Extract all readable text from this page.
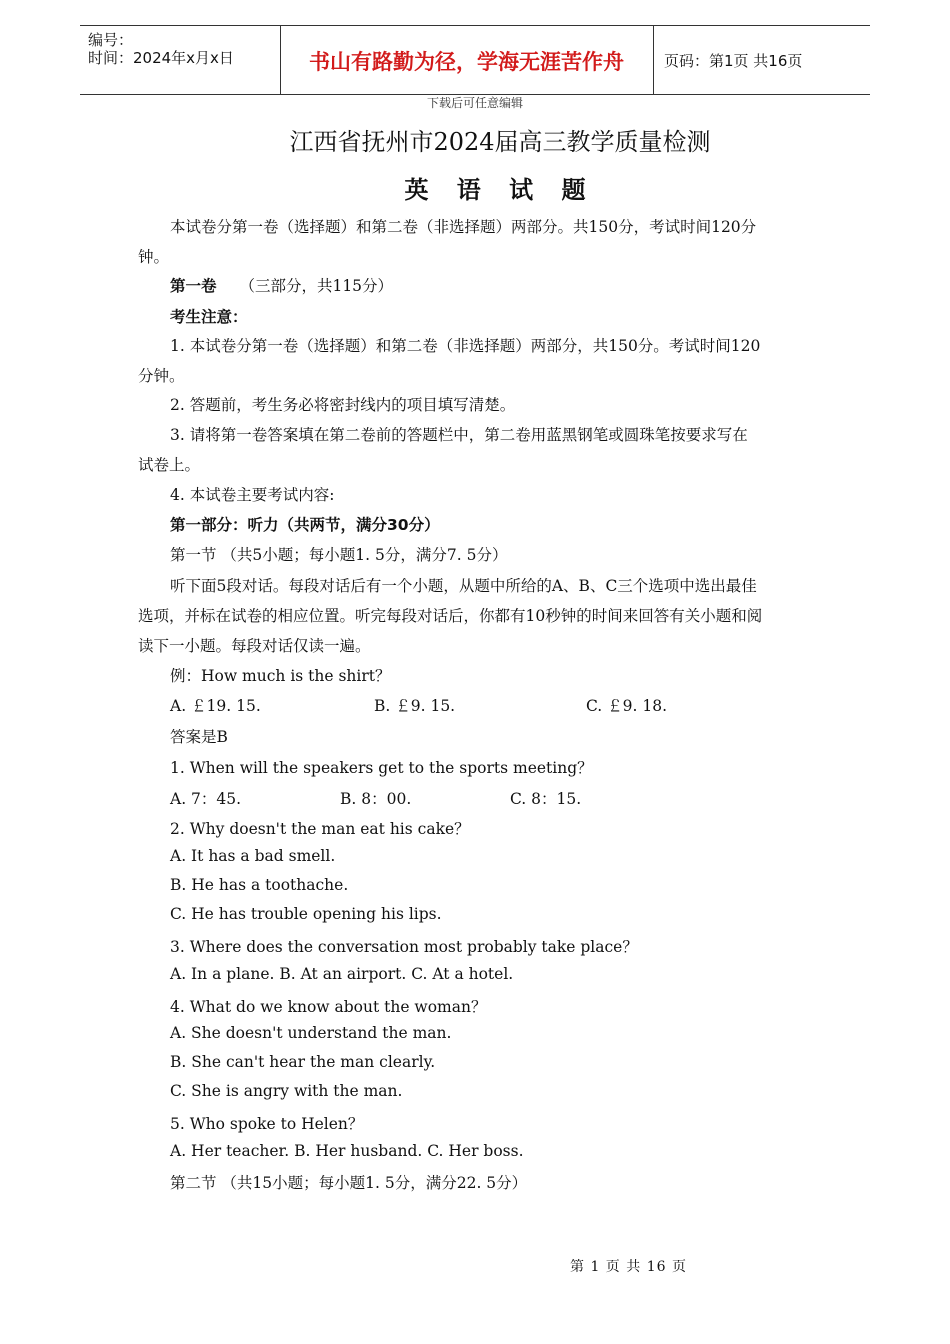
编号：
时间：2024年x月x日	书山有路勤为径，学海无涯苦作舟	页码：第1页 共16页
下载后可任意编辑
江西省抚州市2024届高三教学质量检测
英 语 试 题
本试卷分第一卷（选择题）和第二卷（非选择题）两部分。共150分，考试时间120分
钟。
第一卷 （三部分，共115分）
考生注意：
1. 本试卷分第一卷（选择题）和第二卷（非选择题）两部分，共150分。考试时间120
分钟。
2. 答题前，考生务必将密封线内的项目填写清楚。
3. 请将第一卷答案填在第二卷前的答题栏中，第二卷用蓝黑钢笔或圆珠笔按要求写在
试卷上。
4. 本试卷主要考试内容:
第一部分：听力（共两节，满分30分）
第一节 （共5小题；每小题1. 5分，满分7. 5分）
听下面5段对话。每段对话后有一个小题，从题中所给的A、B、C三个选项中选出最佳
选项，并标在试卷的相应位置。听完每段对话后，你都有10秒钟的时间来回答有关小题和阅
读下一小题。每段对话仅读一遍。
例：How much is the shirt？
A. ￡19. 15.	B. ￡9. 15.	C. ￡9. 18.
答案是B
1. When will the speakers get to the sports meeting？
A. 7：45.	B. 8：00.	C. 8：15.
2. Why doesn't the man eat his cake？
A. It has a bad smell.
B. He has a toothache.
C. He has trouble opening his lips.
3. Where does the conversation most probably take place？
A. In a plane. B. At an airport. C. At a hotel.
4. What do we know about the woman？
A. She doesn't understand the man.
B. She can't hear the man clearly.
C. She is angry with the man.
5. Who spoke to Helen？
A. Her teacher. B. Her husband. C. Her boss.
第二节 （共15小题；每小题1. 5分，满分22. 5分）
第 1 页 共 16 页
